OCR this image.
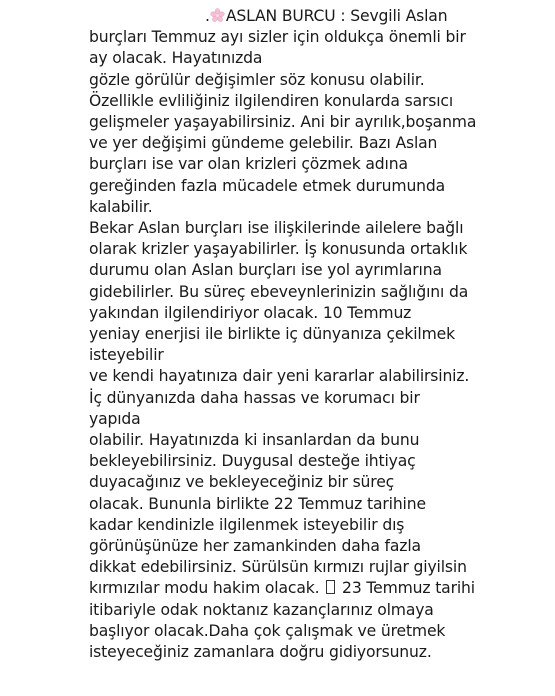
. ASLAN BURCU : Sevgili Aslan
burçları Temmuz ayı sizler için oldukça önemli bir
ay olacak. Hayatınızda
gözle görülür değişimler söz konusu olabilir.
Özellikle evliliğiniz ilgilendiren konularda sarsıcı
gelişmeler yaşayabilirsiniz. Ani bir ayrılık,boşanma
ve yer değişimi gündeme gelebilir. Bazı Aslan
burçları ise var olan krizleri çözmek adına
gereğinden fazla mücadele etmek durumunda
kalabilir.
Bekar Aslan burçları ise ilişkilerinde ailelere bağlı
olarak krizler yaşayabilirler. İş konusunda ortaklık
durumu olan Aslan burçları ise yol ayrımlarına
gidebilirler. Bu süreç ebeveynlerinizin sağlığını da
yakından ilgilendiriyor olacak. 10 Temmuz
yeniay enerjisi ile birlikte iç dünyanıza çekilmek
isteyebilir
ve kendi hayatınıza dair yeni kararlar alabilirsiniz.
İç dünyanızda daha hassas ve korumacı bir
yapıda
olabilir. Hayatınızda ki insanlardan da bunu
bekleyebilirsiniz. Duygusal desteğe ihtiyaç
duyacağınız ve bekleyeceğiniz bir süreç
olacak. Bununla birlikte 22 Temmuz tarihine
kadar kendinizle ilgilenmek isteyebilir dış
görünüşünüze her zamankinden daha fazla
dikkat edebilirsiniz. Sürülsün kırmızı rujlar giyilsin
kırmızılar modu hakim olacak. 23 Temmuz tarihi
itibariyle odak noktanız kazançlarınız olmaya
başlıyor olacak.Daha çok çalışmak ve üretmek
isteyeceğiniz zamanlara doğru gidiyorsunuz.
